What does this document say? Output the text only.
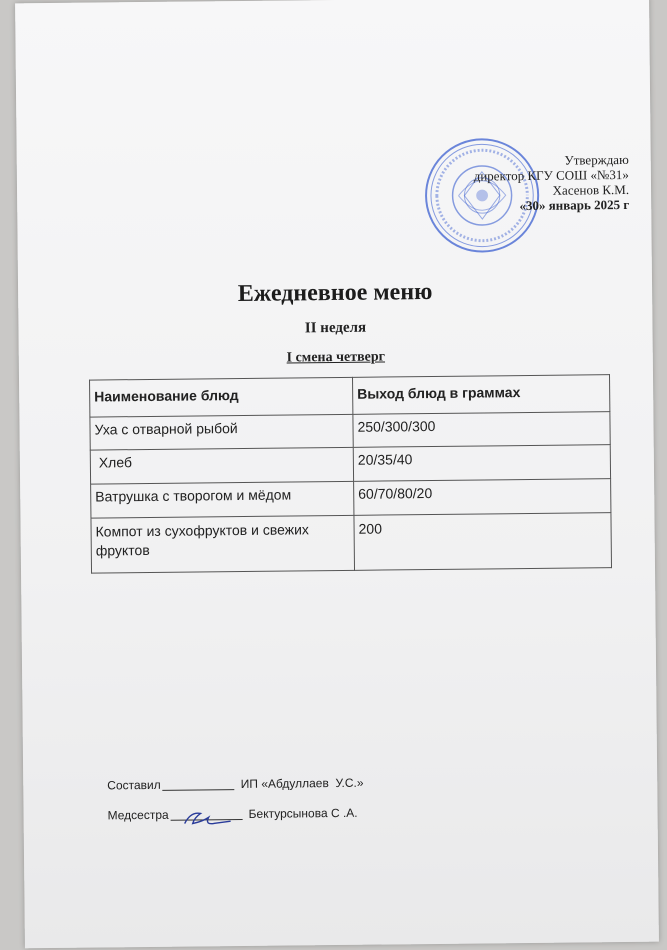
Утверждаю
директор КГУ СОШ «№31»
Хасенов К.М.
«30» январь 2025 г
Ежедневное меню
II неделя
I смена четверг
Наименование блюд	Выход блюд в граммах
Уха с отварной рыбой	250/300/300
Хлеб	20/35/40
Ватрушка с творогом и мёдом	60/70/80/20
Компот из сухофруктов и свежих фруктов	200
Составил	ИП «Абдуллаев  У.С.»
Медсестра	Бектурсынова С .А.
